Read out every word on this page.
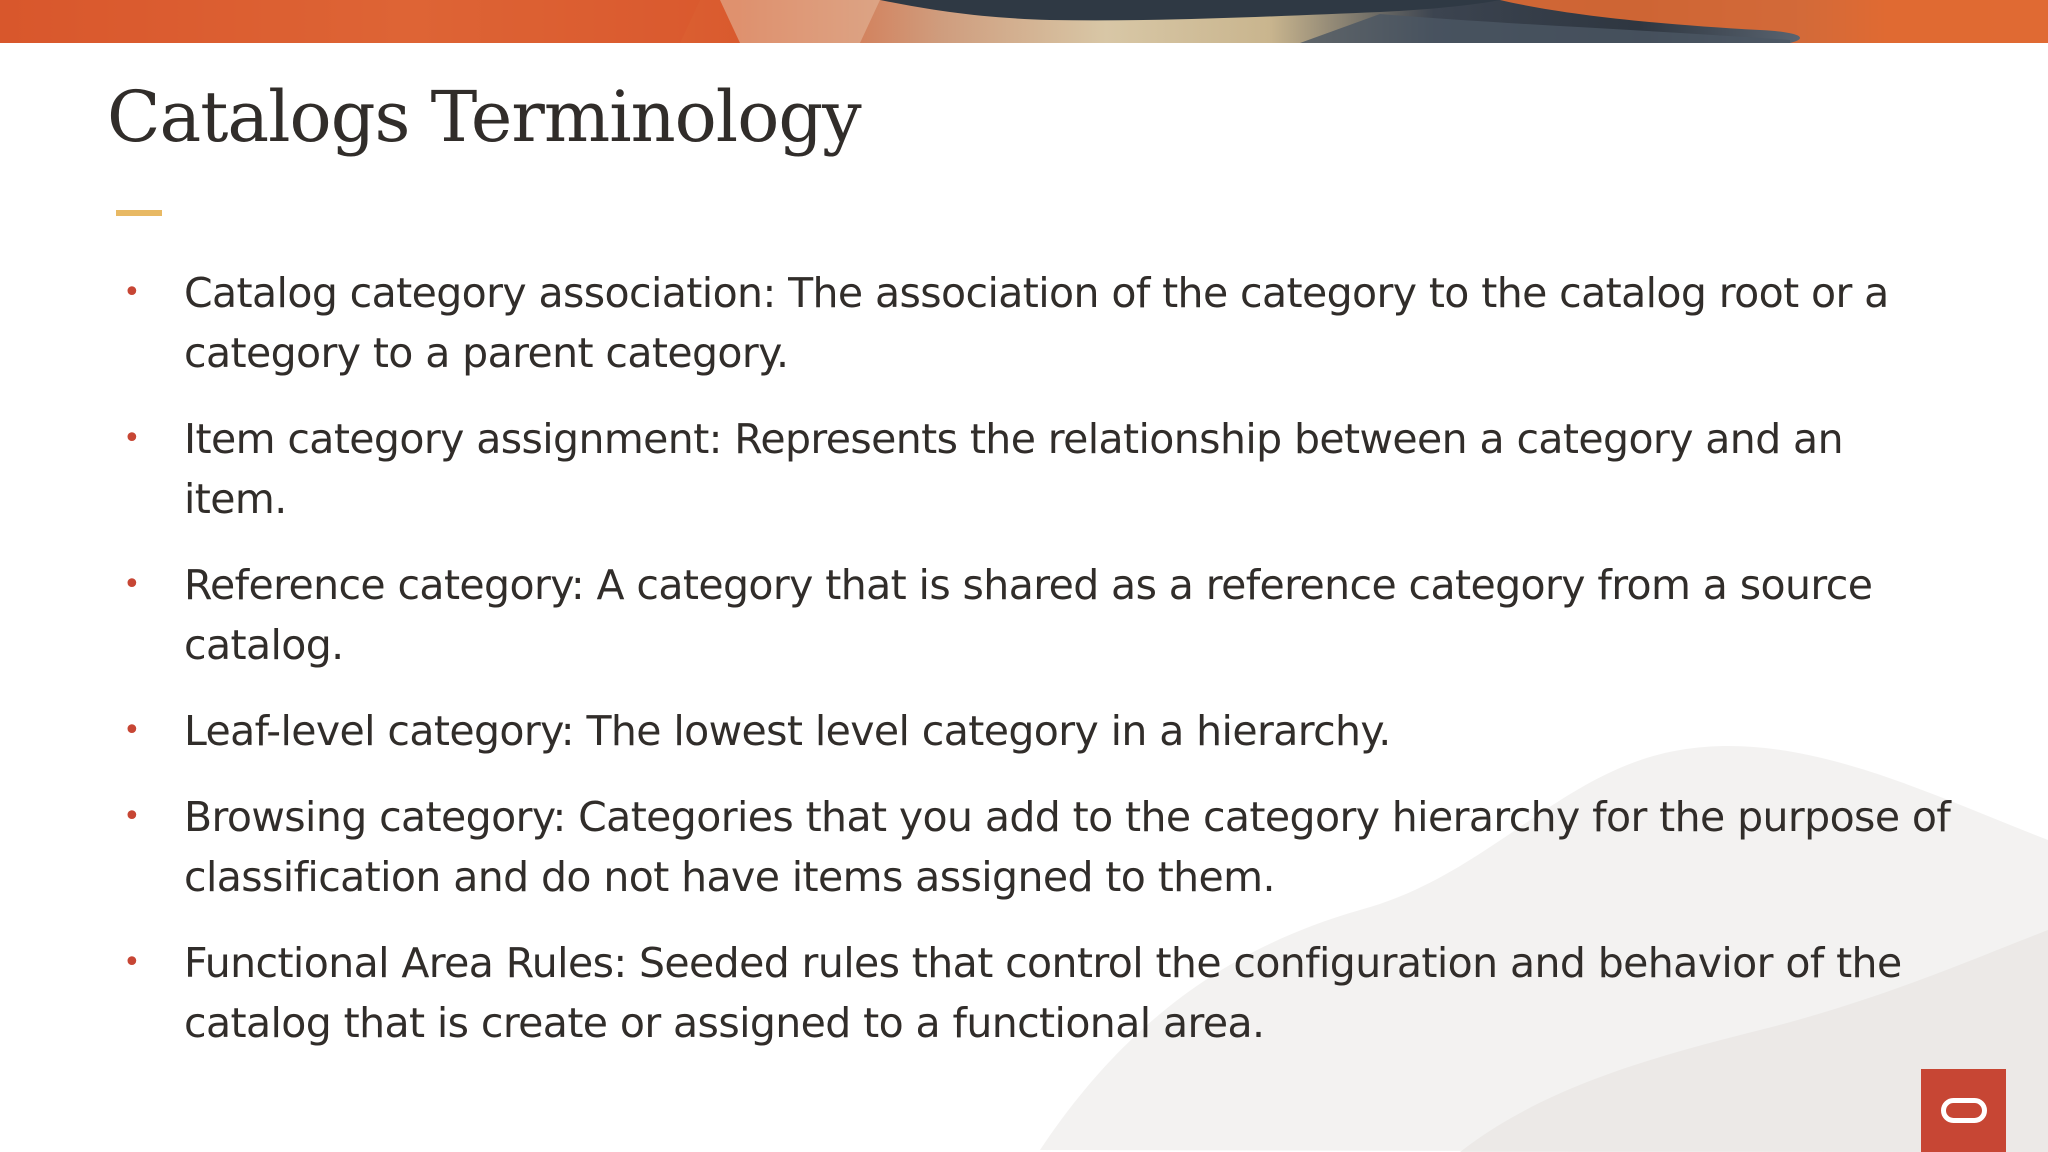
Catalogs Terminology
• Catalog category association: The association of the category to the catalog root or a category to a parent category.
• Item category assignment: Represents the relationship between a category and an item.
• Reference category: A category that is shared as a reference category from a source catalog.
• Leaf-level category: The lowest level category in a hierarchy.
• Browsing category: Categories that you add to the category hierarchy for the purpose of classification and do not have items assigned to them.
• Functional Area Rules: Seeded rules that control the configuration and behavior of the catalog that is create or assigned to a functional area.
